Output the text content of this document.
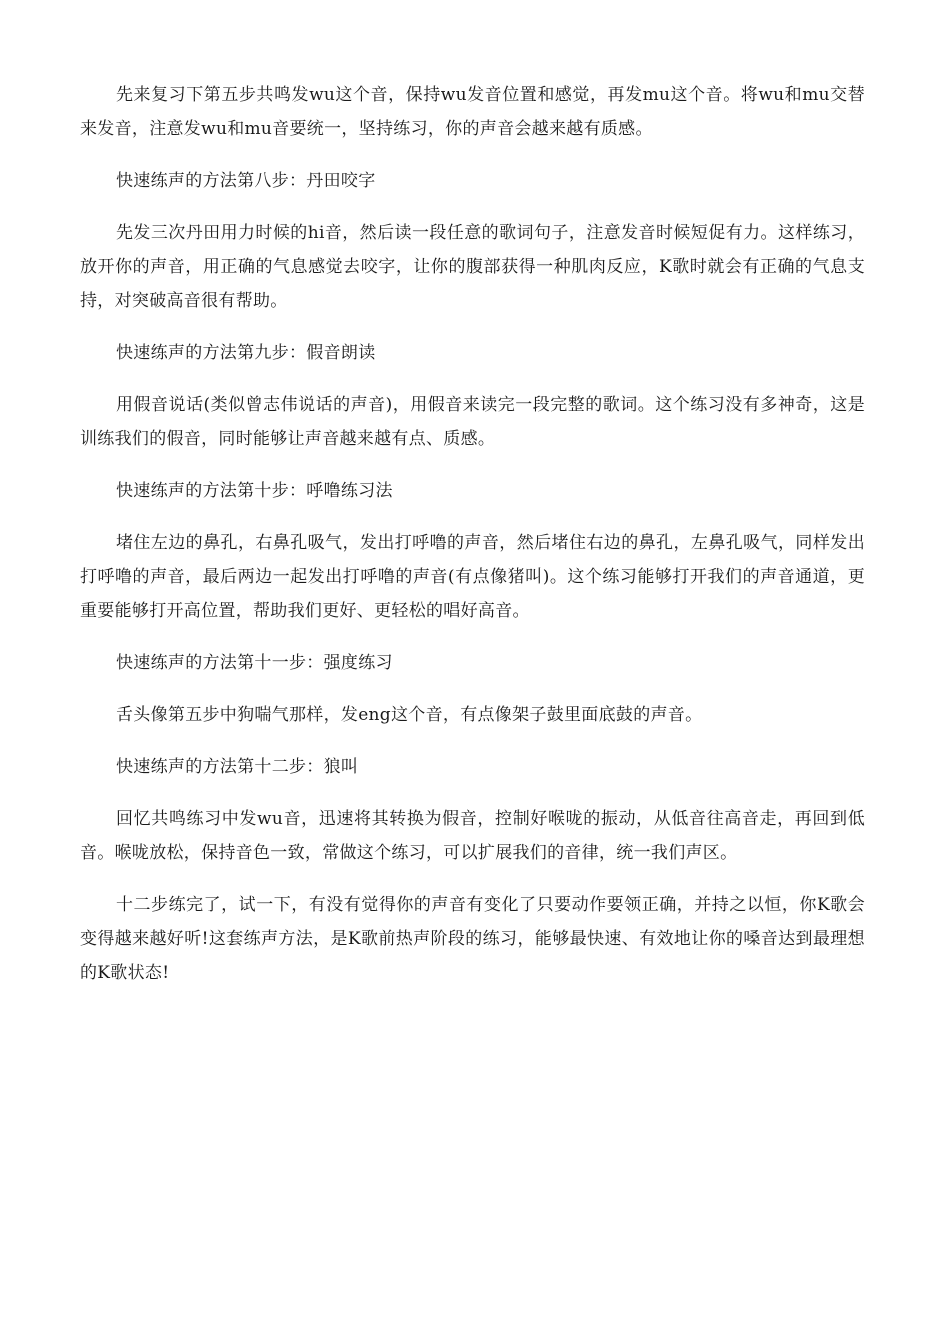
先来复习下第五步共鸣发wu这个音，保持wu发音位置和感觉，再发mu这个音。将wu和mu交替来发音，注意发wu和mu音要统一，坚持练习，你的声音会越来越有质感。

快速练声的方法第八步：丹田咬字

先发三次丹田用力时候的hi音，然后读一段任意的歌词句子，注意发音时候短促有力。这样练习，放开你的声音，用正确的气息感觉去咬字，让你的腹部获得一种肌肉反应，K歌时就会有正确的气息支持，对突破高音很有帮助。

快速练声的方法第九步：假音朗读

用假音说话(类似曾志伟说话的声音)，用假音来读完一段完整的歌词。这个练习没有多神奇，这是训练我们的假音，同时能够让声音越来越有点、质感。

快速练声的方法第十步：呼噜练习法

堵住左边的鼻孔，右鼻孔吸气，发出打呼噜的声音，然后堵住右边的鼻孔，左鼻孔吸气，同样发出打呼噜的声音，最后两边一起发出打呼噜的声音(有点像猪叫)。这个练习能够打开我们的声音通道，更重要能够打开高位置，帮助我们更好、更轻松的唱好高音。

快速练声的方法第十一步：强度练习

舌头像第五步中狗喘气那样，发eng这个音，有点像架子鼓里面底鼓的声音。

快速练声的方法第十二步：狼叫

回忆共鸣练习中发wu音，迅速将其转换为假音，控制好喉咙的振动，从低音往高音走，再回到低音。喉咙放松，保持音色一致，常做这个练习，可以扩展我们的音律，统一我们声区。

十二步练完了，试一下，有没有觉得你的声音有变化了只要动作要领正确，并持之以恒，你K歌会变得越来越好听!这套练声方法，是K歌前热声阶段的练习，能够最快速、有效地让你的嗓音达到最理想的K歌状态!
